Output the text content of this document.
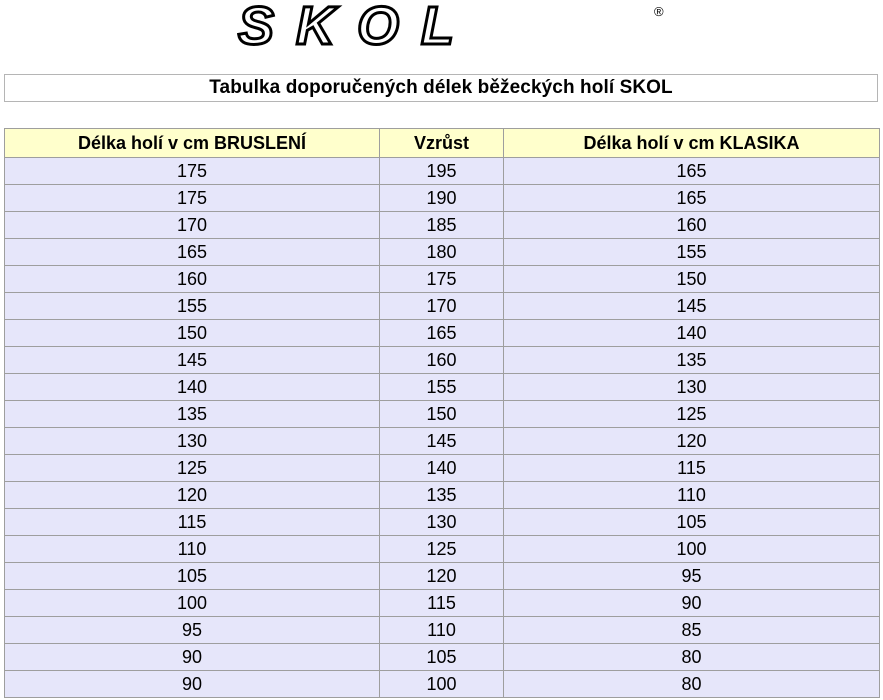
SKOL	®
Tabulka doporučených délek běžeckých holí SKOL
Délka holí v cm BRUSLENÍ	Vzrůst	Délka holí v cm KLASIKA
175	195	165
175	190	165
170	185	160
165	180	155
160	175	150
155	170	145
150	165	140
145	160	135
140	155	130
135	150	125
130	145	120
125	140	115
120	135	110
115	130	105
110	125	100
105	120	95
100	115	90
95	110	85
90	105	80
90	100	80
